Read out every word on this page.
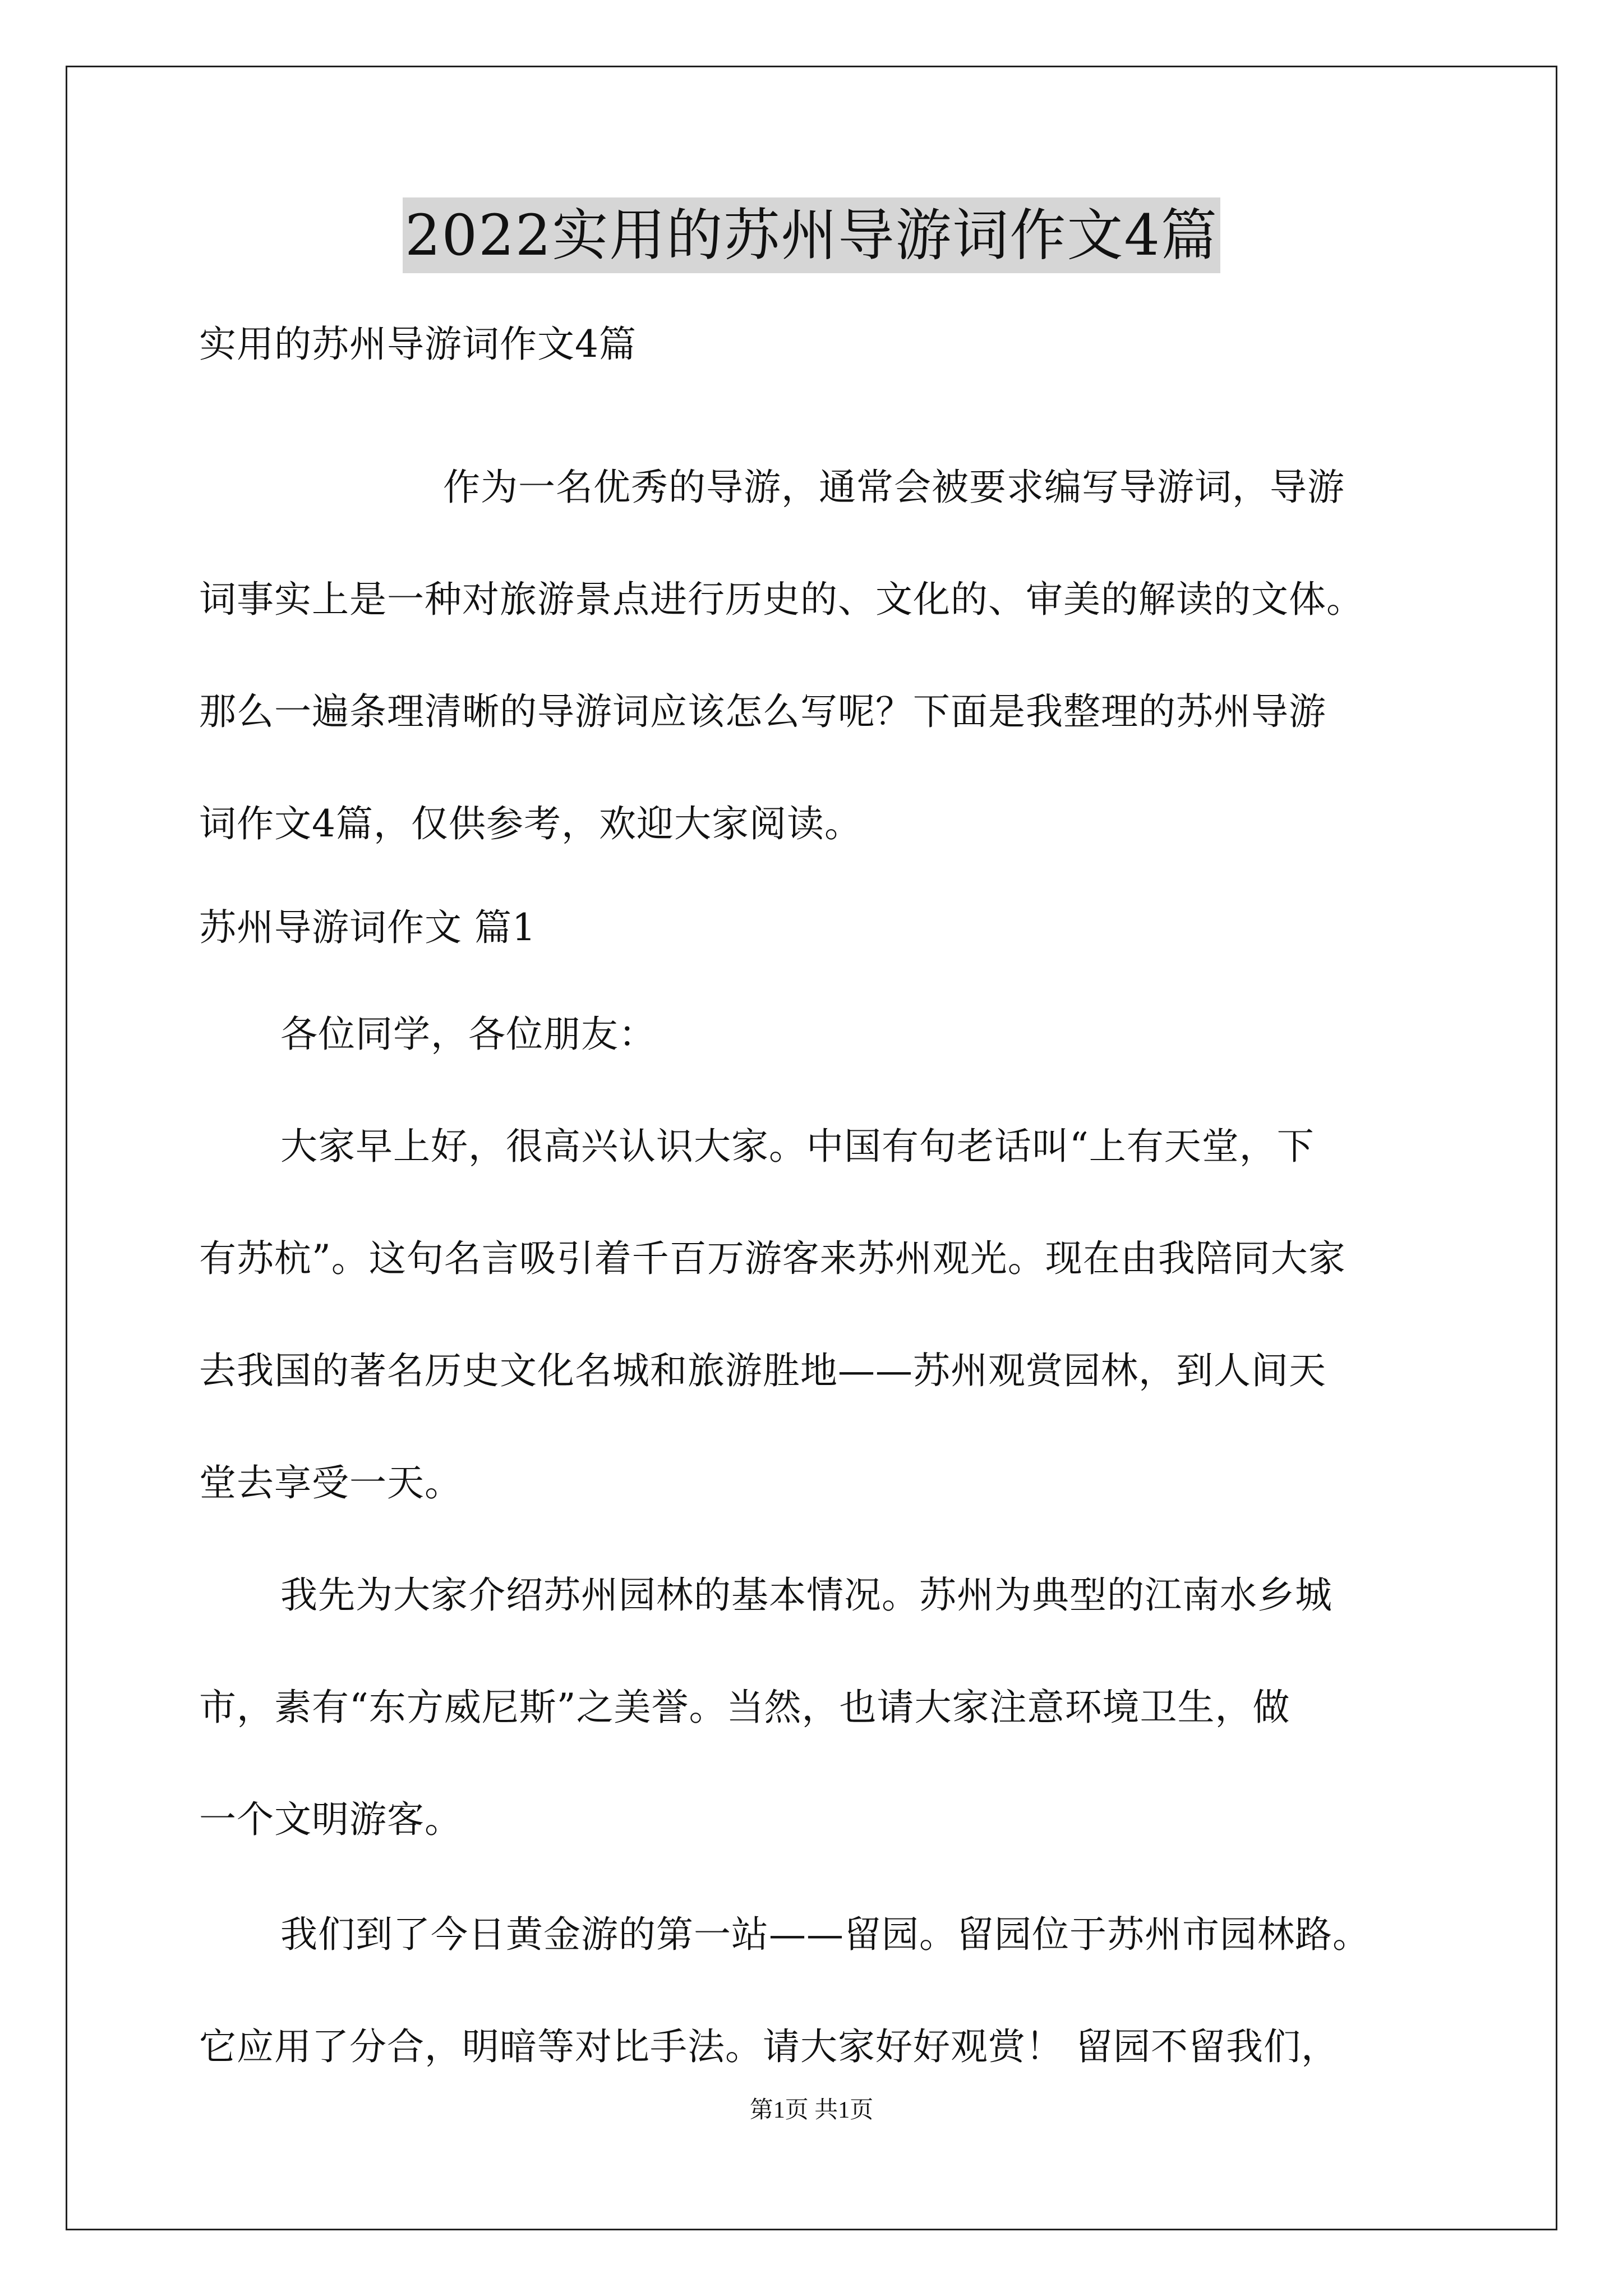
2022实用的苏州导游词作文4篇
实用的苏州导游词作文4篇
作为一名优秀的导游，通常会被要求编写导游词，导游
词事实上是一种对旅游景点进行历史的、文化的、审美的解读的文体。
那么一遍条理清晰的导游词应该怎么写呢？下面是我整理的苏州导游
词作文4篇，仅供参考，欢迎大家阅读。
苏州导游词作文 篇1
各位同学，各位朋友：
大家早上好，很高兴认识大家。中国有句老话叫“上有天堂，下
有苏杭”。这句名言吸引着千百万游客来苏州观光。现在由我陪同大家
去我国的著名历史文化名城和旅游胜地——苏州观赏园林，到人间天
堂去享受一天。
我先为大家介绍苏州园林的基本情况。苏州为典型的江南水乡城
市，素有“东方威尼斯”之美誉。当然，也请大家注意环境卫生，做
一个文明游客。
我们到了今日黄金游的第一站——留园。留园位于苏州市园林路。
它应用了分合，明暗等对比手法。请大家好好观赏！ 留园不留我们，
第1页 共1页
